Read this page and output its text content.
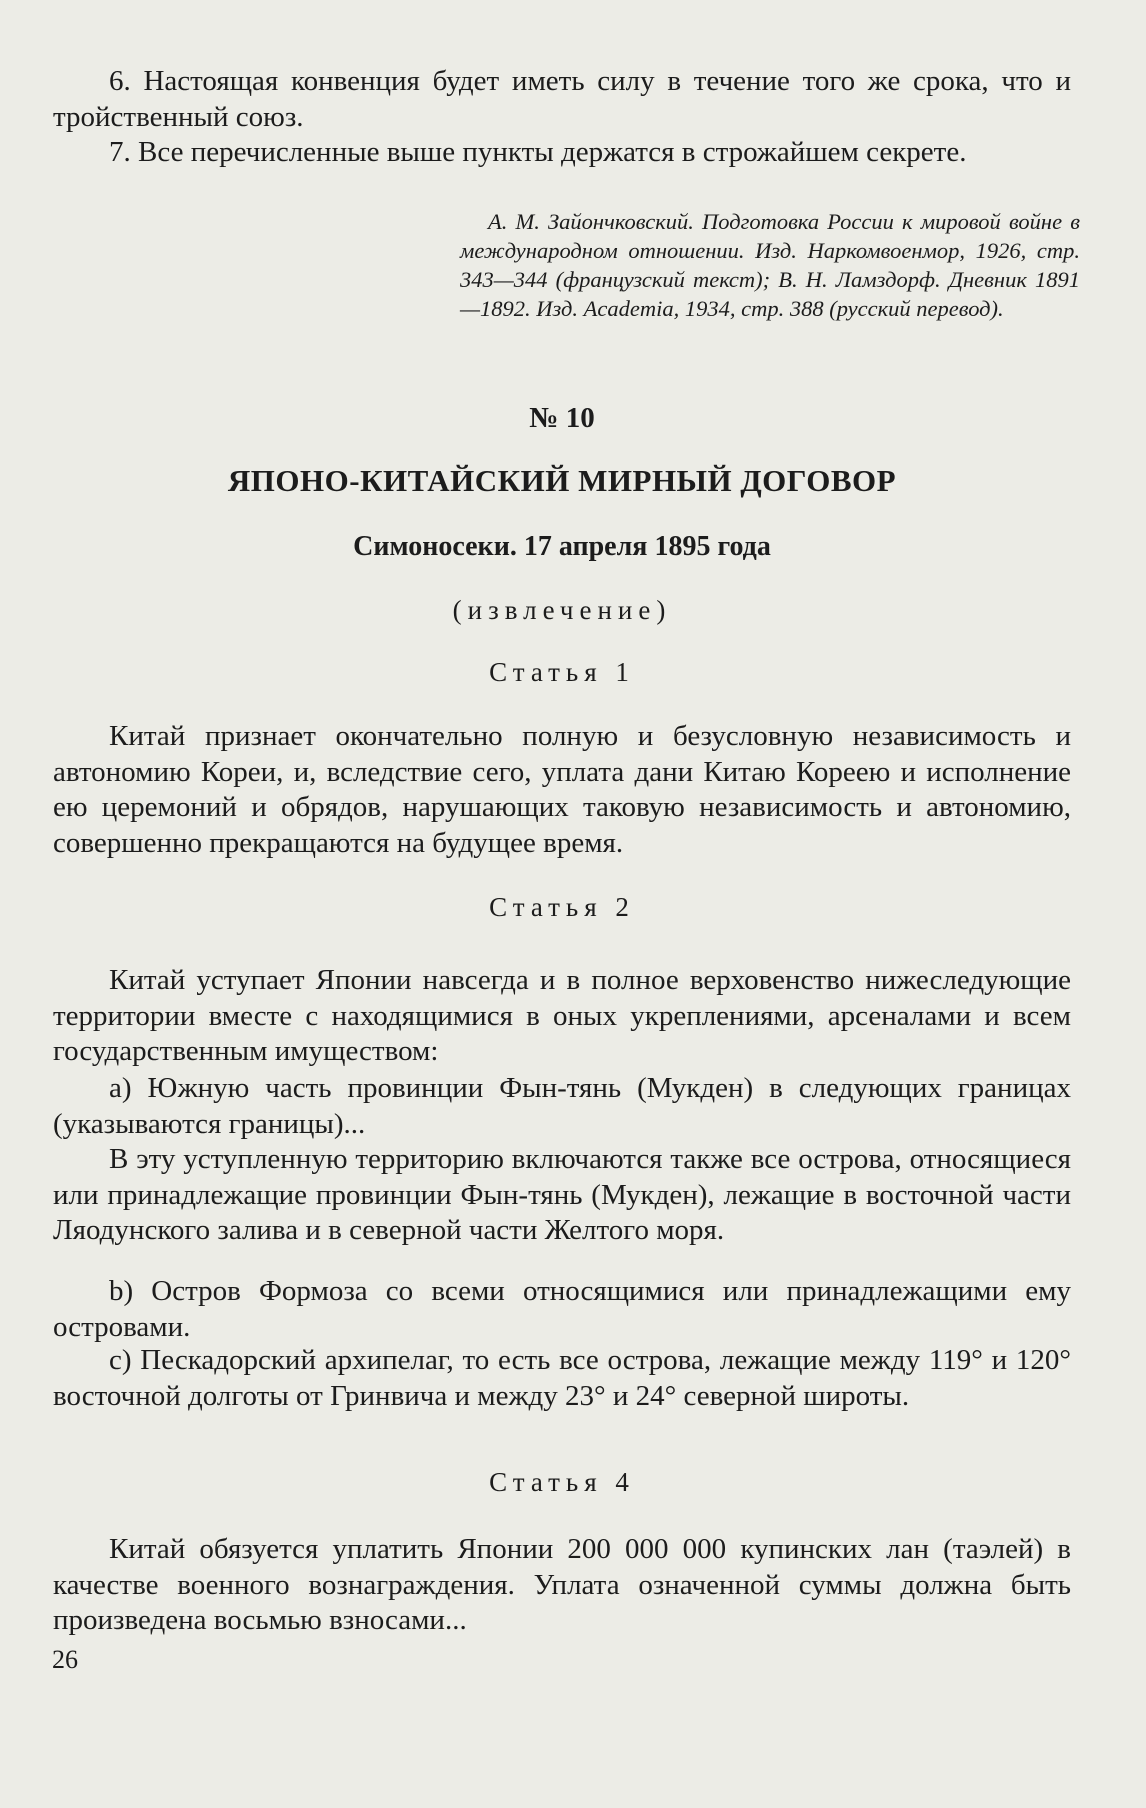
6. Настоящая конвенция будет иметь силу в течение того же срока, что и тройственный союз.

7. Все перечисленные выше пункты держатся в строжайшем секрете.

А. М. Зайончковский. Подготовка России к мировой войне в международном отношении. Изд. Наркомвоенмор, 1926, стр. 343—344 (французский текст); В. Н. Ламздорф. Дневник 1891—1892. Изд. Academia, 1934, стр. 388 (русский перевод).

№ 10

ЯПОНО-КИТАЙСКИЙ МИРНЫЙ ДОГОВОР

Симоносеки. 17 апреля 1895 года

(извлечение)

Статья 1

Китай признает окончательно полную и безусловную независимость и автономию Кореи, и, вследствие сего, уплата дани Китаю Кореею и исполнение ею церемоний и обрядов, нарушающих таковую независимость и автономию, совершенно прекращаются на будущее время.

Статья 2

Китай уступает Японии навсегда и в полное верховенство нижеследующие территории вместе с находящимися в оных укреплениями, арсеналами и всем государственным имуществом:

а) Южную часть провинции Фын-тянь (Мукден) в следующих границах (указываются границы)...

В эту уступленную территорию включаются также все острова, относящиеся или принадлежащие провинции Фын-тянь (Мукден), лежащие в восточной части Ляодунского залива и в северной части Желтого моря.

b) Остров Формоза со всеми относящимися или принадлежащими ему островами.

c) Пескадорский архипелаг, то есть все острова, лежащие между 119° и 120° восточной долготы от Гринвича и между 23° и 24° северной широты.

Статья 4

Китай обязуется уплатить Японии 200 000 000 купинских лан (таэлей) в качестве военного вознаграждения. Уплата означенной суммы должна быть произведена восьмью взносами...

26
